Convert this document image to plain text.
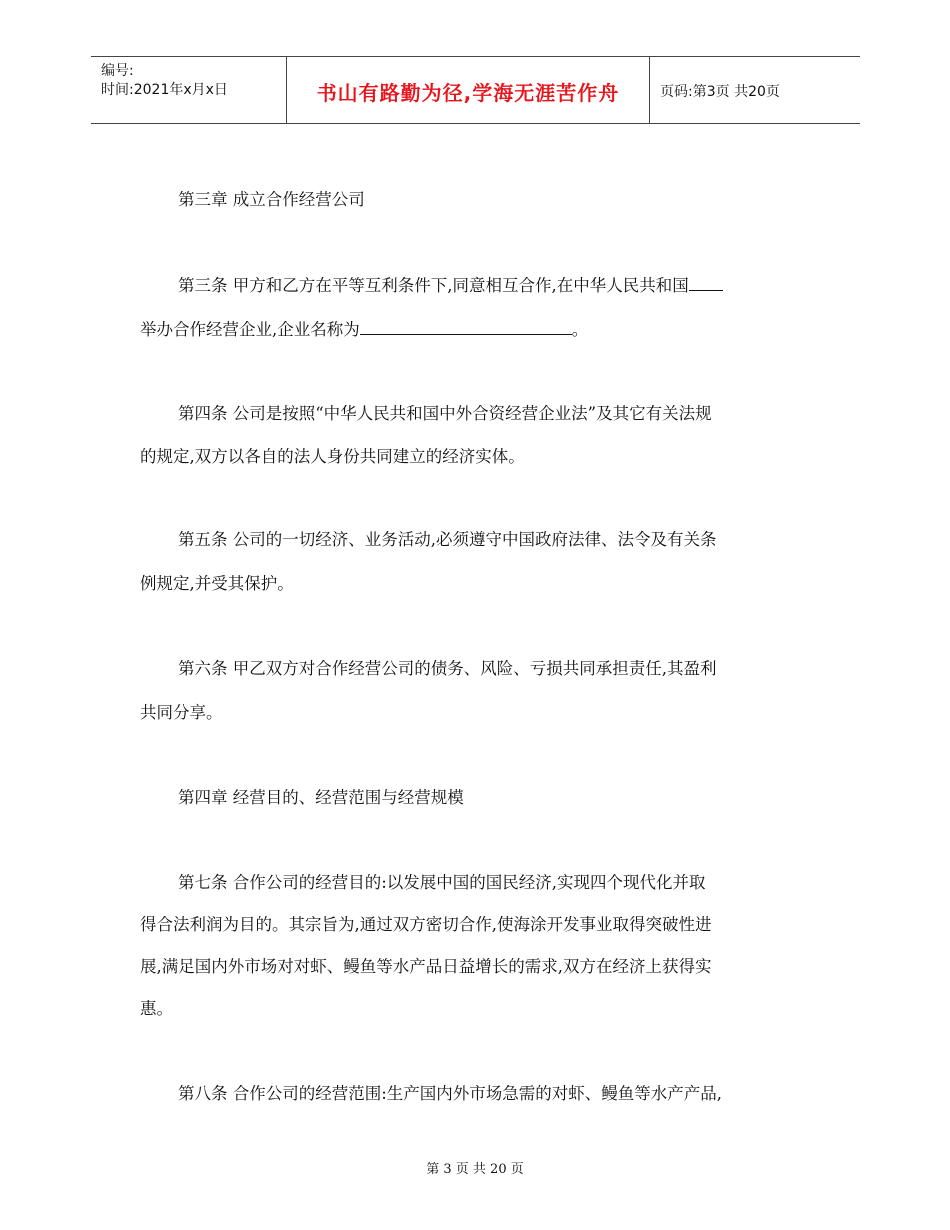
编号:
时间:2021年x月x日	书山有路勤为径,学海无涯苦作舟	页码:第3页 共20页
第三章 成立合作经营公司
第三条 甲方和乙方在平等互利条件下,同意相互合作,在中华人民共和国
举办合作经营企业,企业名称为	。
第四条 公司是按照“中华人民共和国中外合资经营企业法”及其它有关法规
的规定,双方以各自的法人身份共同建立的经济实体。
第五条 公司的一切经济、业务活动,必须遵守中国政府法律、法令及有关条
例规定,并受其保护。
第六条 甲乙双方对合作经营公司的债务、风险、亏损共同承担责任,其盈利
共同分享。
第四章 经营目的、经营范围与经营规模
第七条 合作公司的经营目的:以发展中国的国民经济,实现四个现代化并取
得合法利润为目的。其宗旨为,通过双方密切合作,使海涂开发事业取得突破性进
展,满足国内外市场对对虾、鳗鱼等水产品日益增长的需求,双方在经济上获得实
惠。
第八条 合作公司的经营范围:生产国内外市场急需的对虾、鳗鱼等水产产品,
第 3 页 共 20 页
